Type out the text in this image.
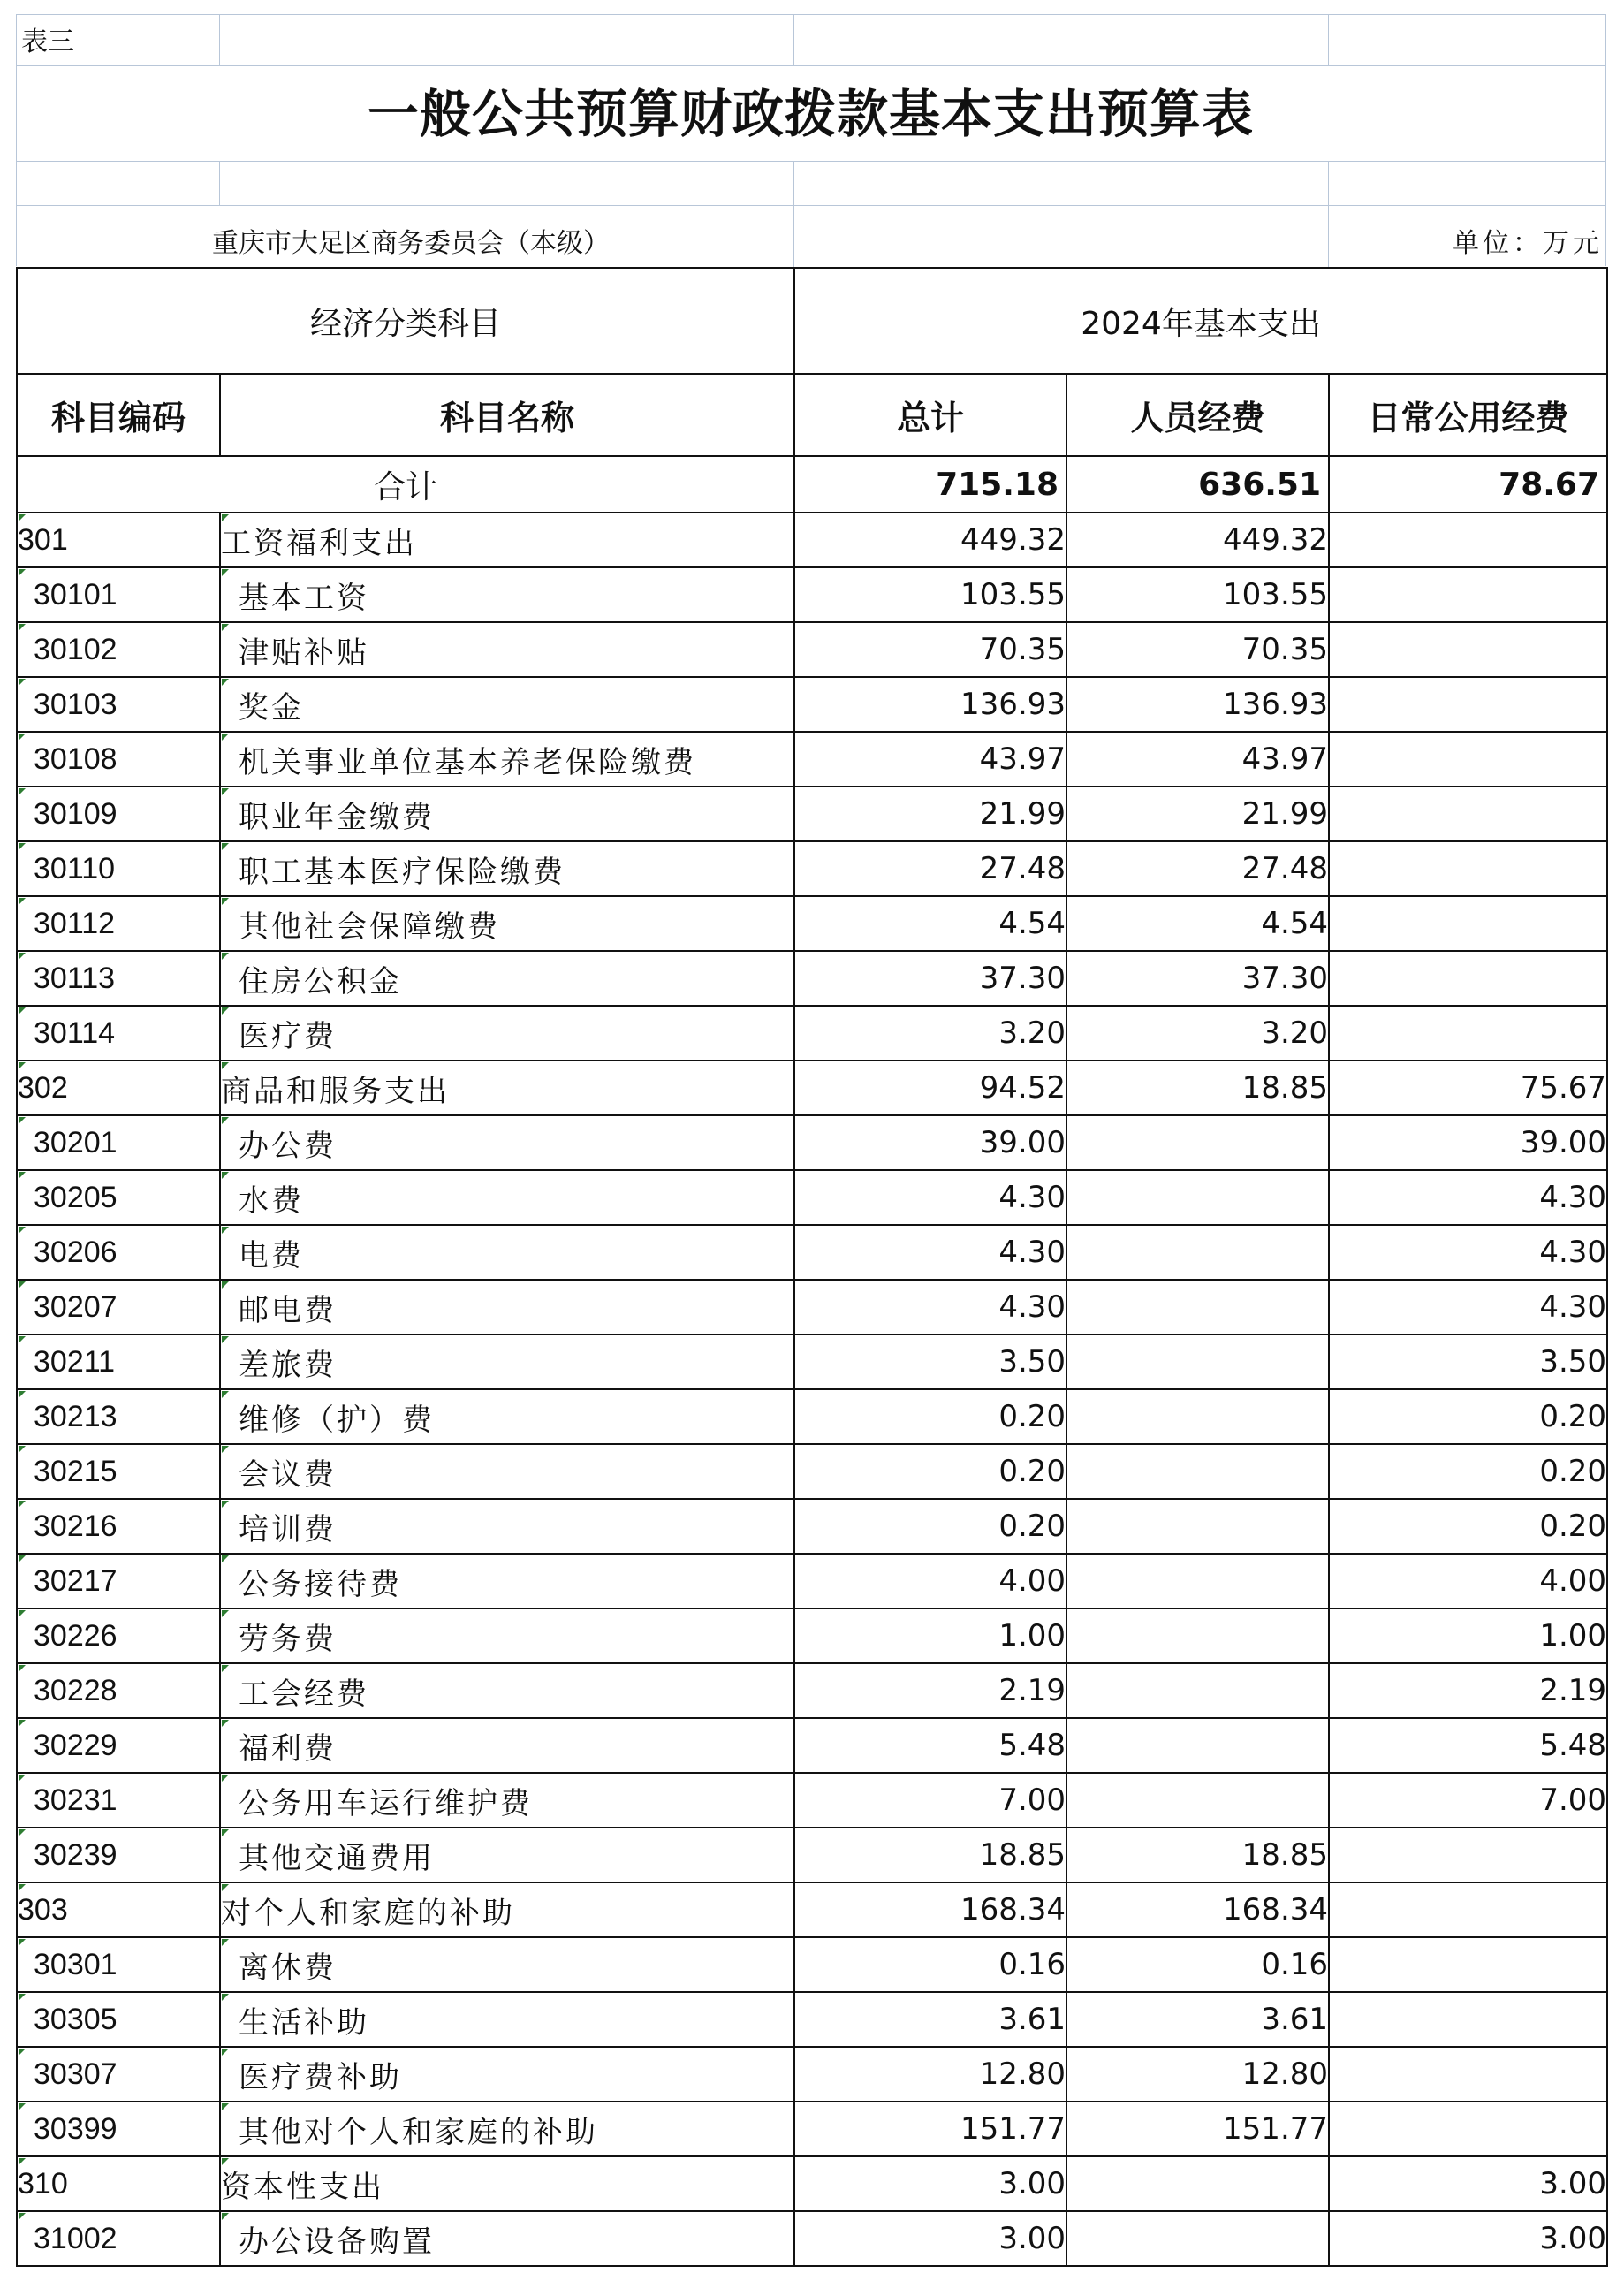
表三
一般公共预算财政拨款基本支出预算表
重庆市大足区商务委员会（本级）	单位：万元
经济分类科目		2024年基本支出		
科目编码	科目名称	总计	人员经费	日常公用经费
合计		715.18	636.51	78.67

301	工资福利支出	449.32	449.32	

30101	基本工资	103.55	103.55	

30102	津贴补贴	70.35	70.35	

30103	奖金	136.93	136.93	

30108	机关事业单位基本养老保险缴费	43.97	43.97	

30109	职业年金缴费	21.99	21.99	

30110	职工基本医疗保险缴费	27.48	27.48	

30112	其他社会保障缴费	4.54	4.54	

30113	住房公积金	37.30	37.30	

30114	医疗费	3.20	3.20	

302	商品和服务支出	94.52	18.85	75.67

30201	办公费	39.00		39.00

30205	水费	4.30		4.30

30206	电费	4.30		4.30

30207	邮电费	4.30		4.30

30211	差旅费	3.50		3.50

30213	维修（护）费	0.20		0.20

30215	会议费	0.20		0.20

30216	培训费	0.20		0.20

30217	公务接待费	4.00		4.00

30226	劳务费	1.00		1.00

30228	工会经费	2.19		2.19

30229	福利费	5.48		5.48

30231	公务用车运行维护费	7.00		7.00

30239	其他交通费用	18.85	18.85	

303	对个人和家庭的补助	168.34	168.34	

30301	离休费	0.16	0.16	

30305	生活补助	3.61	3.61	

30307	医疗费补助	12.80	12.80	

30399	其他对个人和家庭的补助	151.77	151.77	

310	资本性支出	3.00		3.00

31002	办公设备购置	3.00		3.00
